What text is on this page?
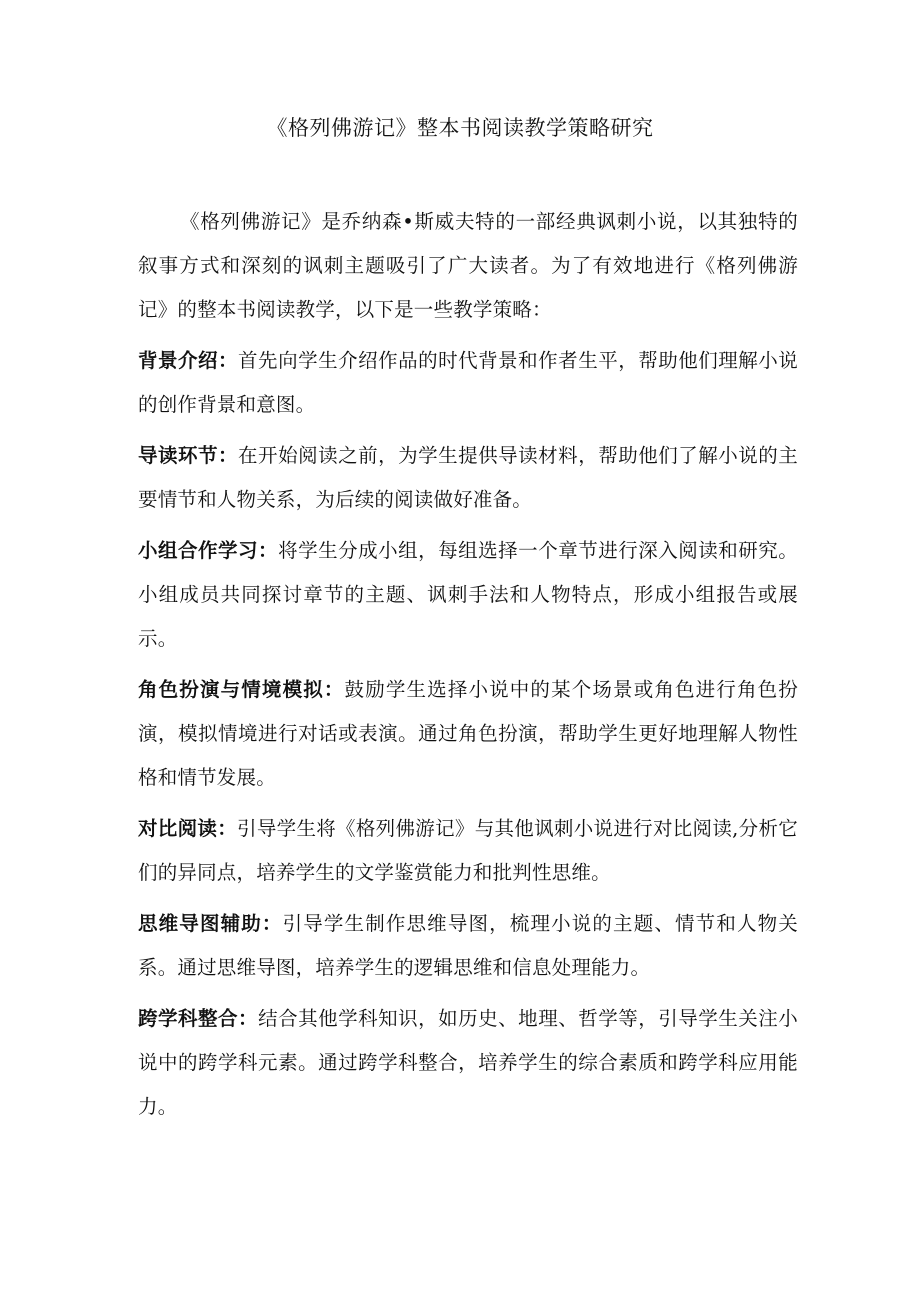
《格列佛游记》整本书阅读教学策略研究

《格列佛游记》是乔纳森•斯威夫特的一部经典讽刺小说，以其独特的叙事方式和深刻的讽刺主题吸引了广大读者。为了有效地进行《格列佛游记》的整本书阅读教学，以下是一些教学策略：

背景介绍：首先向学生介绍作品的时代背景和作者生平，帮助他们理解小说的创作背景和意图。

导读环节：在开始阅读之前，为学生提供导读材料，帮助他们了解小说的主要情节和人物关系，为后续的阅读做好准备。

小组合作学习：将学生分成小组，每组选择一个章节进行深入阅读和研究。小组成员共同探讨章节的主题、讽刺手法和人物特点，形成小组报告或展示。

角色扮演与情境模拟：鼓励学生选择小说中的某个场景或角色进行角色扮演，模拟情境进行对话或表演。通过角色扮演，帮助学生更好地理解人物性格和情节发展。

对比阅读：引导学生将《格列佛游记》与其他讽刺小说进行对比阅读,分析它们的异同点，培养学生的文学鉴赏能力和批判性思维。

思维导图辅助：引导学生制作思维导图，梳理小说的主题、情节和人物关系。通过思维导图，培养学生的逻辑思维和信息处理能力。

跨学科整合：结合其他学科知识，如历史、地理、哲学等，引导学生关注小说中的跨学科元素。通过跨学科整合，培养学生的综合素质和跨学科应用能力。
